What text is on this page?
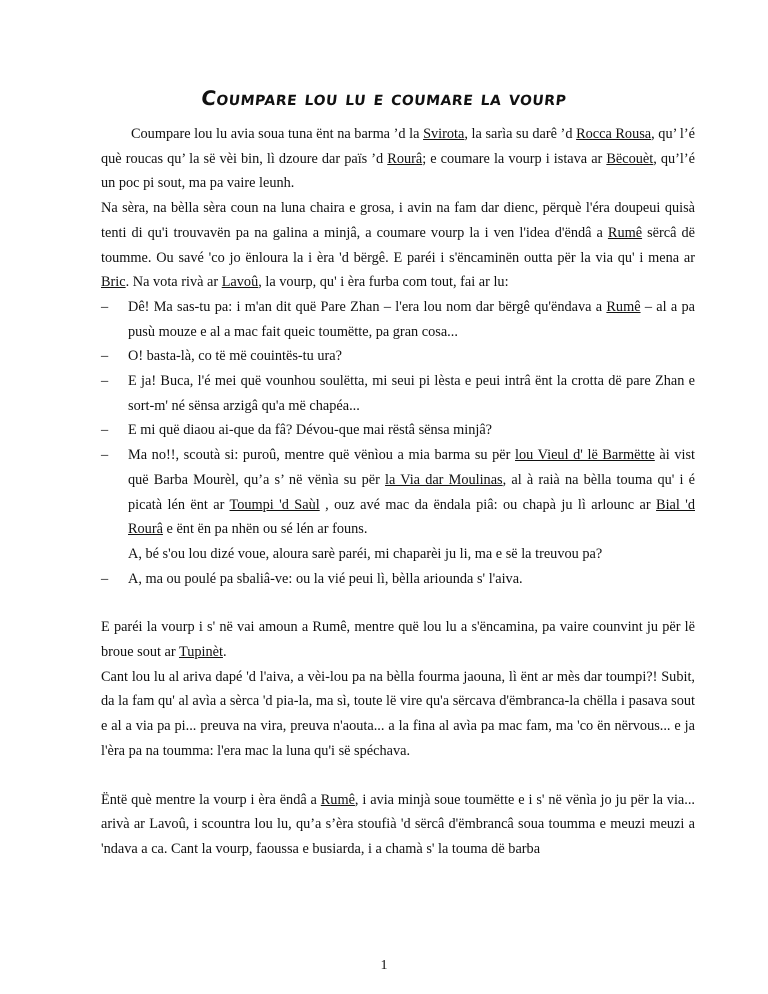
Coumpare lou lu e coumare la vourp

Coumpare lou lu avia soua tuna ënt na barma ’d la Svirota, la sarìa su darê ’d Rocca Rousa, qu’ l’é què roucas qu’ la së vèi bin, lì dzoure dar païs ’d Rourâ; e coumare la vourp i istava ar Bëcouèt, qu’l’é un poc pi sout, ma pa vaire leunh.

Na sèra, na bèlla sèra coun na luna chaira e grosa, i avin na fam dar dienc, përquè l'éra doupeui quisà tenti di qu'i trouvavën pa na galina a minjâ, a coumare vourp la i ven l'idea d'ëndâ a Rumê sërcâ dë toumme. Ou savé 'co jo ënloura la i èra 'd bërgê. E paréi i s'ëncaminën outta për la via qu' i mena ar Bric. Na vota rivà ar Lavoû, la vourp, qu' i èra furba com tout, fai ar lu:

– Dê! Ma sas-tu pa: i m'an dit quë Pare Zhan – l'era lou nom dar bërgê qu'ëndava a Rumê – al a pa pusù mouze e al a mac fait queic toumëtte, pa gran cosa...
– O! basta-là, co të më couintës-tu ura?
– E ja! Buca, l'é mei quë vounhou soulëtta, mi seui pi lèsta e peui intrâ ënt la crotta dë pare Zhan e sort-m' né sënsa arzigâ qu'a më chapéa...
– E mi quë diaou ai-que da fâ? Dévou-que mai rëstâ sënsa minjâ?
– Ma no!!, scoutà si: puroû, mentre quë vënìou a mia barma su për lou Vieul d' lë Barmëtte ài vist quë Barba Mourèl, qu’a s’ në vënìa su për la Via dar Moulinas, al à raià na bèlla touma qu' i é picatà lén ënt ar Toumpi 'd Saùl , ouz avé mac da ëndala piâ: ou chapà ju lì arlounc ar Bial 'd Rourâ e ënt ën pa nhën ou sé lén ar founs.
A, bé s'ou lou dizé voue, aloura sarè paréi, mi chaparèi ju li, ma e së la treuvou pa?
– A, ma ou poulé pa sbaliâ-ve: ou la vié peui lì, bèlla ariounda s' l'aiva.

E paréi la vourp i s' në vai amoun a Rumê, mentre quë lou lu a s'ëncamina, pa vaire counvint ju për lë broue sout ar Tupinèt.

Cant lou lu al ariva dapé 'd l'aiva, a vèi-lou pa na bèlla fourma jaouna, lì ënt ar mès dar toumpi?! Subit, da la fam qu' al avìa a sèrca 'd pia-la, ma sì, toute lë vire qu'a sërcava d'ëmbranca-la chëlla i pasava sout e al a via pa pi... preuva na vira, preuva n'aouta... a la fina al avìa pa mac fam, ma 'co ën nërvous... e ja l'èra pa na toumma: l'era mac la luna qu'i së spéchava.

Ëntë què mentre la vourp i èra ëndâ a Rumê, i avia minjà soue toumëtte e i s' në vënìa jo ju për la via... arivà ar Lavoû, i scountra lou lu, qu’a s’èra stoufià 'd sërcâ d'ëmbrancâ soua toumma e meuzi meuzi a 'ndava a ca. Cant la vourp, faoussa e busiarda, i a chamà s' la touma dë barba

1
